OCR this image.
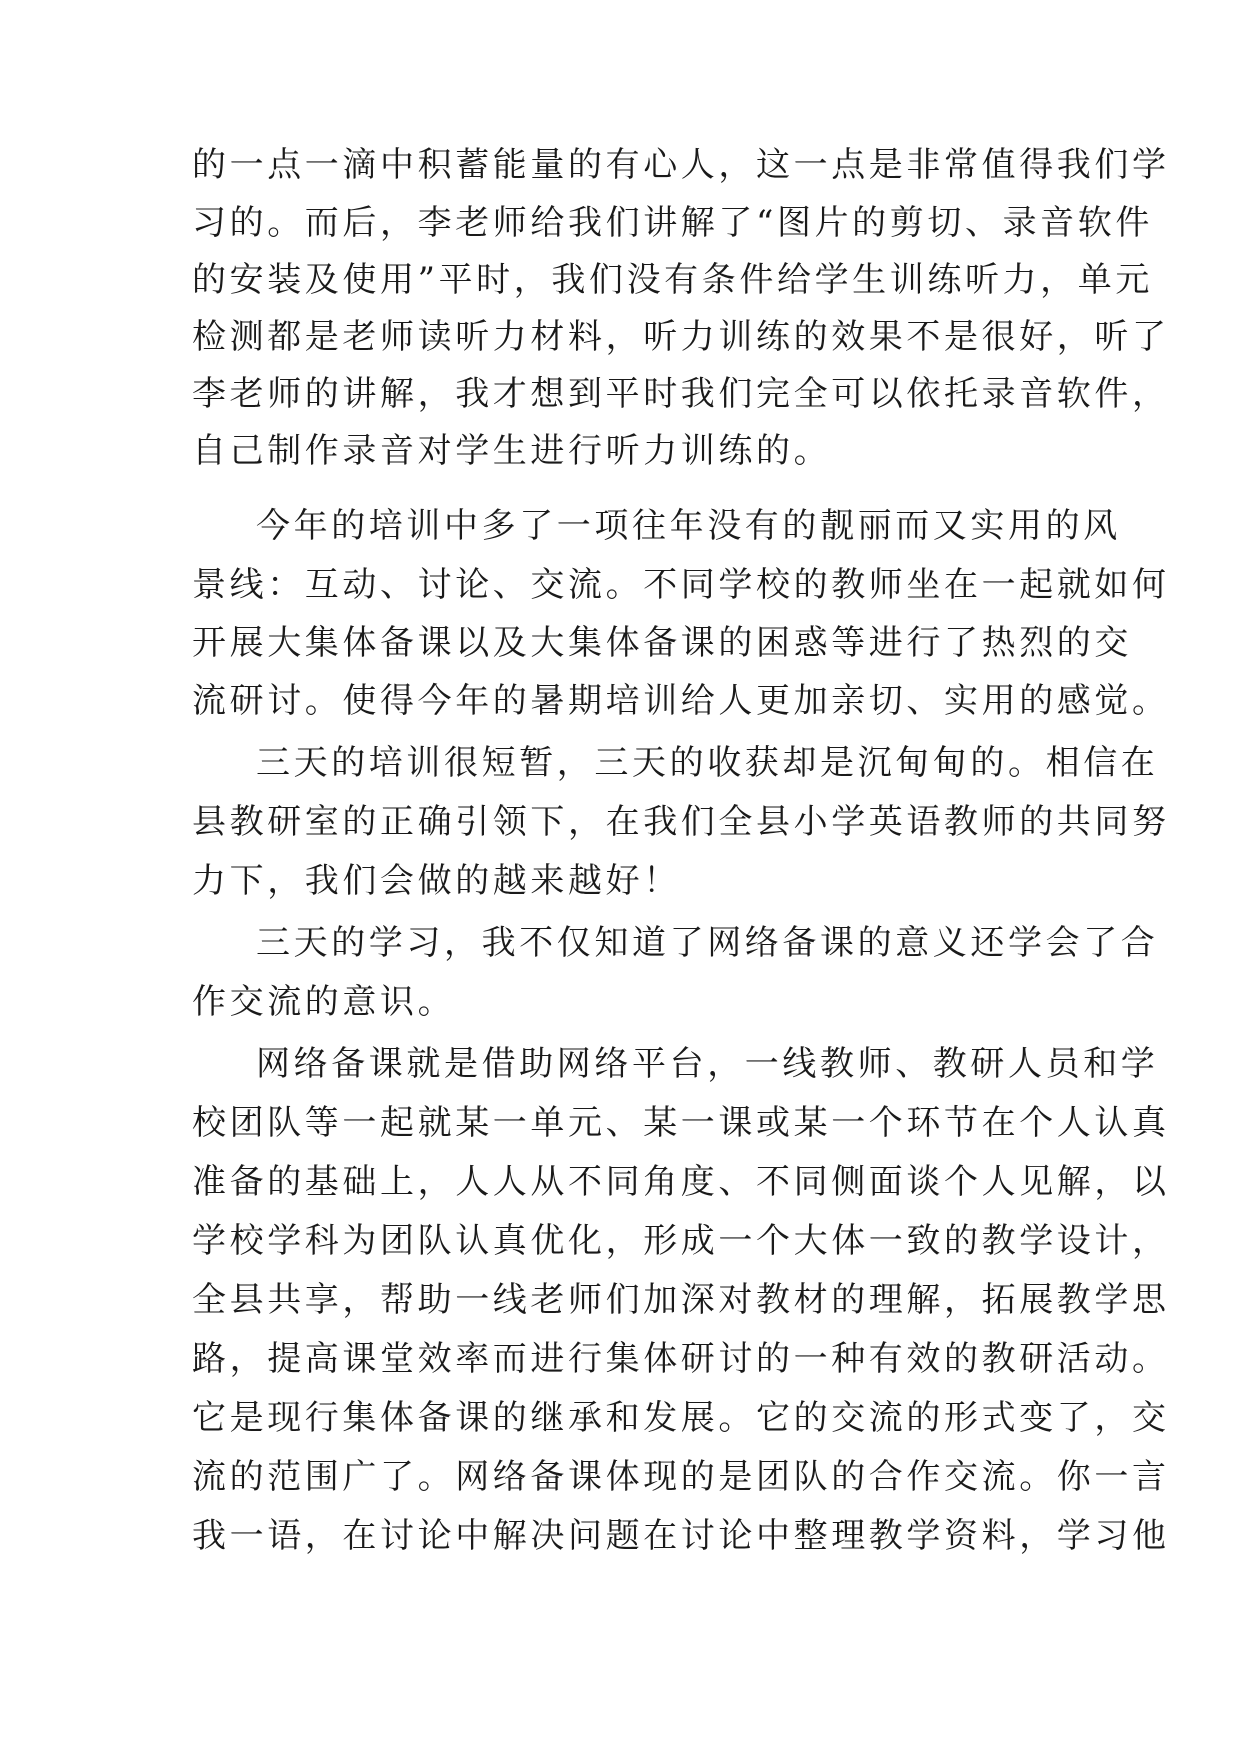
的一点一滴中积蓄能量的有心人，这一点是非常值得我们学
习的。而后，李老师给我们讲解了“图片的剪切、录音软件
的安装及使用”平时，我们没有条件给学生训练听力，单元
检测都是老师读听力材料，听力训练的效果不是很好，听了
李老师的讲解，我才想到平时我们完全可以依托录音软件，
自己制作录音对学生进行听力训练的。
今年的培训中多了一项往年没有的靓丽而又实用的风
景线：互动、讨论、交流。不同学校的教师坐在一起就如何
开展大集体备课以及大集体备课的困惑等进行了热烈的交
流研讨。使得今年的暑期培训给人更加亲切、实用的感觉。
三天的培训很短暂，三天的收获却是沉甸甸的。相信在
县教研室的正确引领下，在我们全县小学英语教师的共同努
力下，我们会做的越来越好！
三天的学习，我不仅知道了网络备课的意义还学会了合
作交流的意识。
网络备课就是借助网络平台，一线教师、教研人员和学
校团队等一起就某一单元、某一课或某一个环节在个人认真
准备的基础上，人人从不同角度、不同侧面谈个人见解，以
学校学科为团队认真优化，形成一个大体一致的教学设计，
全县共享，帮助一线老师们加深对教材的理解，拓展教学思
路，提高课堂效率而进行集体研讨的一种有效的教研活动。
它是现行集体备课的继承和发展。它的交流的形式变了，交
流的范围广了。网络备课体现的是团队的合作交流。你一言
我一语，在讨论中解决问题在讨论中整理教学资料，学习他
